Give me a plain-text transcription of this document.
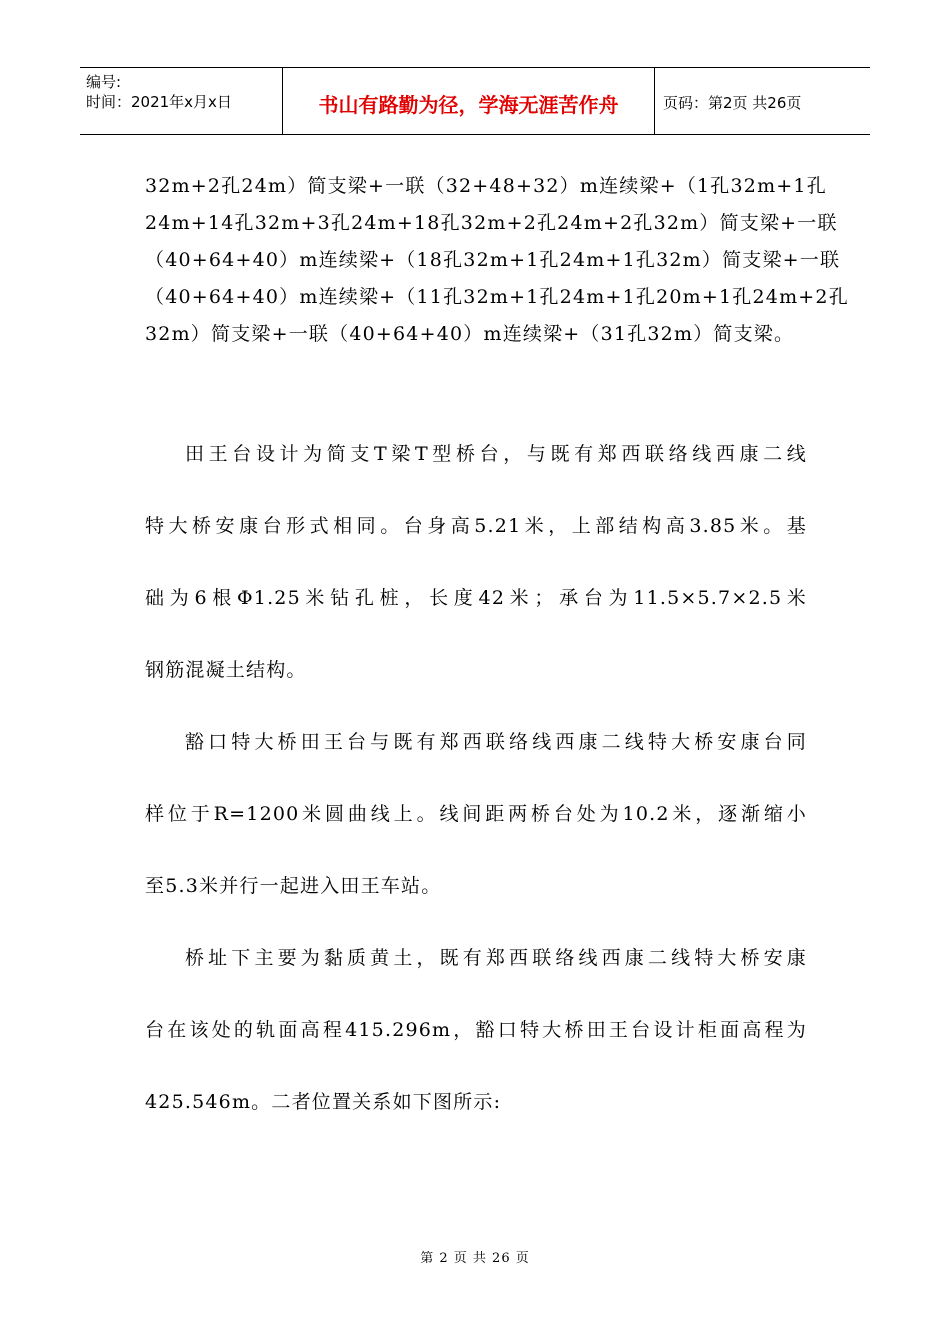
编号:
时间：2021年x月x日	书山有路勤为径，学海无涯苦作舟	页码：第2页 共26页
32m+2孔24m）简支梁+一联（32+48+32）m连续梁+（1孔32m+1孔
24m+14孔32m+3孔24m+18孔32m+2孔24m+2孔32m）简支梁+一联
（40+64+40）m连续梁+（18孔32m+1孔24m+1孔32m）简支梁+一联
（40+64+40）m连续梁+（11孔32m+1孔24m+1孔20m+1孔24m+2孔
32m）简支梁+一联（40+64+40）m连续梁+（31孔32m）简支梁。
田王台设计为简支T梁T型桥台，与既有郑西联络线西康二线
特大桥安康台形式相同。台身高5.21米，上部结构高3.85米。基
础为6根Φ1.25米钻孔桩，长度42米；承台为11.5×5.7×2.5米
钢筋混凝土结构。
豁口特大桥田王台与既有郑西联络线西康二线特大桥安康台同
样位于R=1200米圆曲线上。线间距两桥台处为10.2米，逐渐缩小
至5.3米并行一起进入田王车站。
桥址下主要为黏质黄土，既有郑西联络线西康二线特大桥安康
台在该处的轨面高程415.296m，豁口特大桥田王台设计柜面高程为
425.546m。二者位置关系如下图所示:
第 2 页 共 26 页
